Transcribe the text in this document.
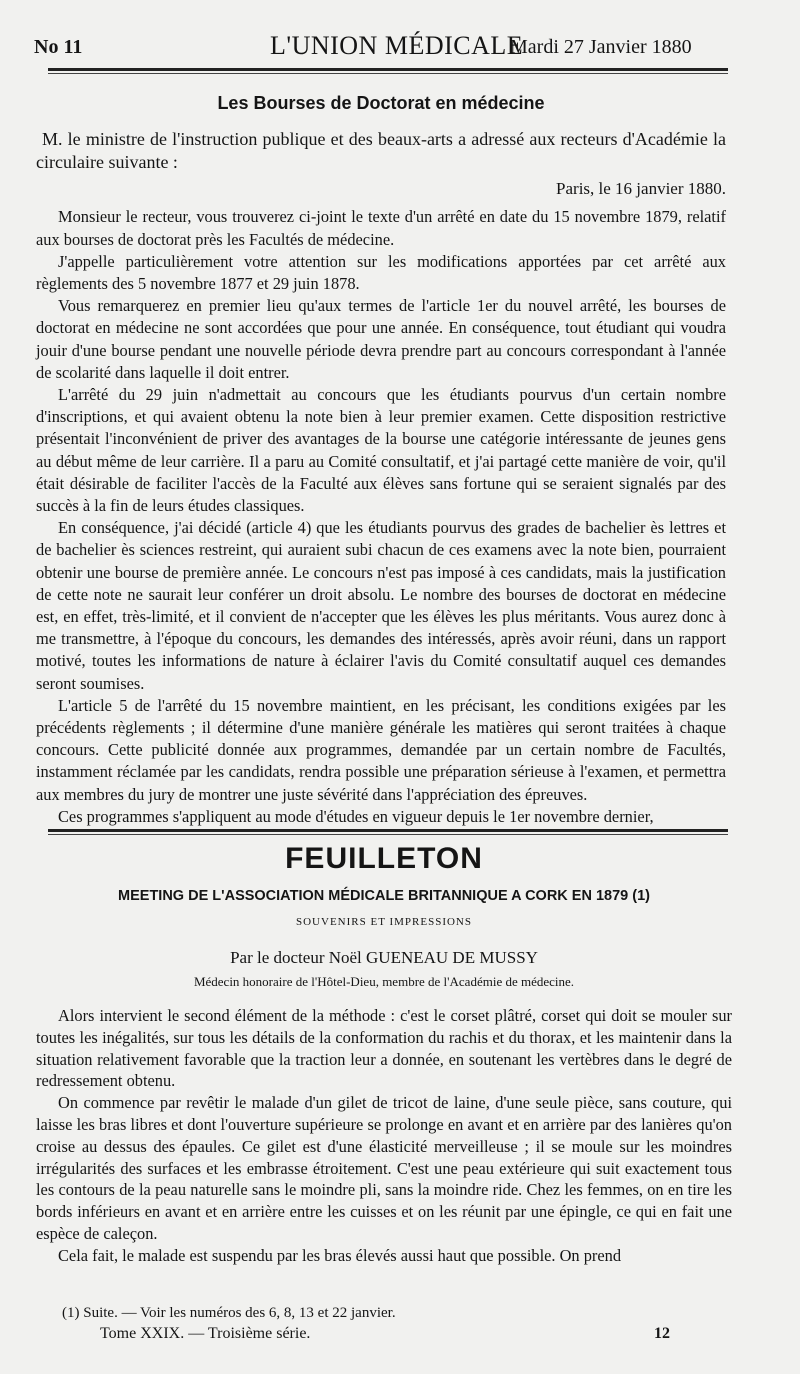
No 11	L'UNION MÉDICALE
Mardi 27 Janvier 1880
Les Bourses de Doctorat en médecine

M. le ministre de l'instruction publique et des beaux-arts a adressé aux recteurs d'Académie la circulaire suivante :

Paris, le 16 janvier 1880.

Monsieur le recteur, vous trouverez ci-joint le texte d'un arrêté en date du 15 novembre 1879, relatif aux bourses de doctorat près les Facultés de médecine.

J'appelle particulièrement votre attention sur les modifications apportées par cet arrêté aux règlements des 5 novembre 1877 et 29 juin 1878.

Vous remarquerez en premier lieu qu'aux termes de l'article 1er du nouvel arrêté, les bourses de doctorat en médecine ne sont accordées que pour une année. En conséquence, tout étudiant qui voudra jouir d'une bourse pendant une nouvelle période devra prendre part au concours correspondant à l'année de scolarité dans laquelle il doit entrer.

L'arrêté du 29 juin n'admettait au concours que les étudiants pourvus d'un certain nombre d'inscriptions, et qui avaient obtenu la note bien à leur premier examen. Cette disposition restrictive présentait l'inconvénient de priver des avantages de la bourse une catégorie intéressante de jeunes gens au début même de leur carrière. Il a paru au Comité consultatif, et j'ai partagé cette manière de voir, qu'il était désirable de faciliter l'accès de la Faculté aux élèves sans fortune qui se seraient signalés par des succès à la fin de leurs études classiques.

En conséquence, j'ai décidé (article 4) que les étudiants pourvus des grades de bachelier ès lettres et de bachelier ès sciences restreint, qui auraient subi chacun de ces examens avec la note bien, pourraient obtenir une bourse de première année. Le concours n'est pas imposé à ces candidats, mais la justification de cette note ne saurait leur conférer un droit absolu. Le nombre des bourses de doctorat en médecine est, en effet, très-limité, et il convient de n'accepter que les élèves les plus méritants. Vous aurez donc à me transmettre, à l'époque du concours, les demandes des intéressés, après avoir réuni, dans un rapport motivé, toutes les informations de nature à éclairer l'avis du Comité consultatif auquel ces demandes seront soumises.

L'article 5 de l'arrêté du 15 novembre maintient, en les précisant, les conditions exigées par les précédents règlements ; il détermine d'une manière générale les matières qui seront traitées à chaque concours. Cette publicité donnée aux programmes, demandée par un certain nombre de Facultés, instamment réclamée par les candidats, rendra possible une préparation sérieuse à l'examen, et permettra aux membres du jury de montrer une juste sévérité dans l'appréciation des épreuves.

Ces programmes s'appliquent au mode d'études en vigueur depuis le 1er novembre dernier,

FEUILLETON
MEETING DE L'ASSOCIATION MÉDICALE BRITANNIQUE A CORK EN 1879 (1)
SOUVENIRS ET IMPRESSIONS
Par le docteur Noël GUENEAU DE MUSSY
Médecin honoraire de l'Hôtel-Dieu, membre de l'Académie de médecine.

Alors intervient le second élément de la méthode : c'est le corset plâtré, corset qui doit se mouler sur toutes les inégalités, sur tous les détails de la conformation du rachis et du thorax, et les maintenir dans la situation relativement favorable que la traction leur a donnée, en soutenant les vertèbres dans le degré de redressement obtenu.

On commence par revêtir le malade d'un gilet de tricot de laine, d'une seule pièce, sans couture, qui laisse les bras libres et dont l'ouverture supérieure se prolonge en avant et en arrière par des lanières qu'on croise au dessus des épaules. Ce gilet est d'une élasticité merveilleuse ; il se moule sur les moindres irrégularités des surfaces et les embrasse étroitement. C'est une peau extérieure qui suit exactement tous les contours de la peau naturelle sans le moindre pli, sans la moindre ride. Chez les femmes, on en tire les bords inférieurs en avant et en arrière entre les cuisses et on les réunit par une épingle, ce qui en fait une espèce de caleçon.

Cela fait, le malade est suspendu par les bras élevés aussi haut que possible. On prend

(1) Suite. — Voir les numéros des 6, 8, 13 et 22 janvier.
Tome XXIX. — Troisième série.	12
